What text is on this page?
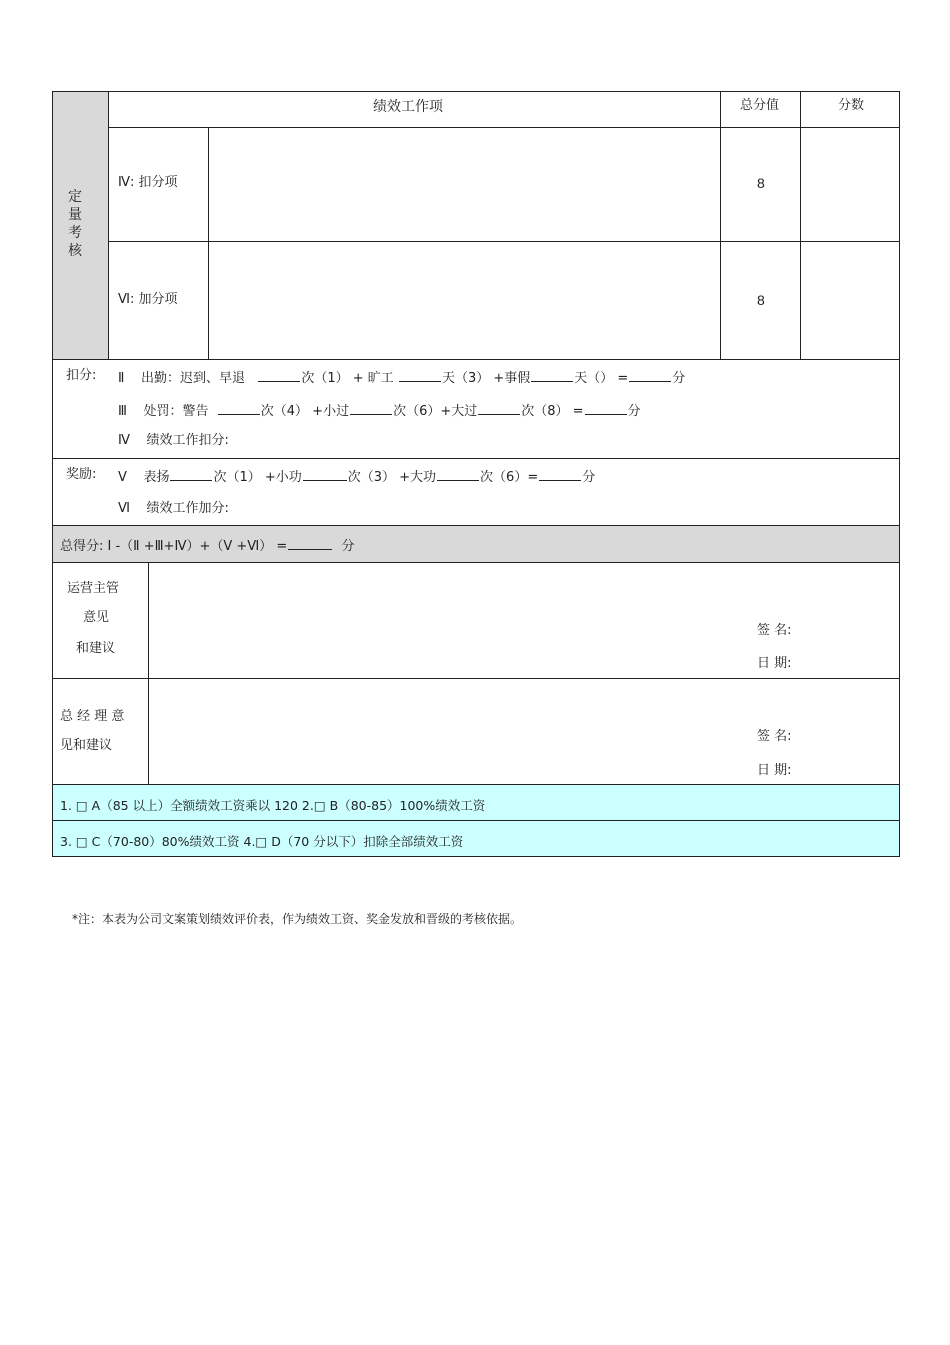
定量考核
绩效工作项	总分值	分数
Ⅳ: 扣分项	8
Ⅵ: 加分项	8
扣分: Ⅱ 出勤：迟到、早退	次（1） + 旷工	天（3） +事假	天（） =	分
Ⅲ 处罚：警告	次（4） +小过	次（6）+大过	次（8） =	分
Ⅳ 绩效工作扣分:
奖励: Ⅴ 表扬	次（1） +小功	次（3） +大功	次（6）=	分
Ⅵ 绩效工作加分:
总得分: Ⅰ -（Ⅱ +Ⅲ+Ⅳ）+（Ⅴ +Ⅵ） =	分
运营主管
意见
和建议
签 名:
日 期:
总 经 理 意
见和建议
签 名:
日 期:
1. □ A（85 以上）全额绩效工资乘以 120 2.□ B（80-85）100%绩效工资
3. □ C（70-80）80%绩效工资 4.□ D（70 分以下）扣除全部绩效工资
*注：本表为公司文案策划绩效评价表，作为绩效工资、奖金发放和晋级的考核依据。
